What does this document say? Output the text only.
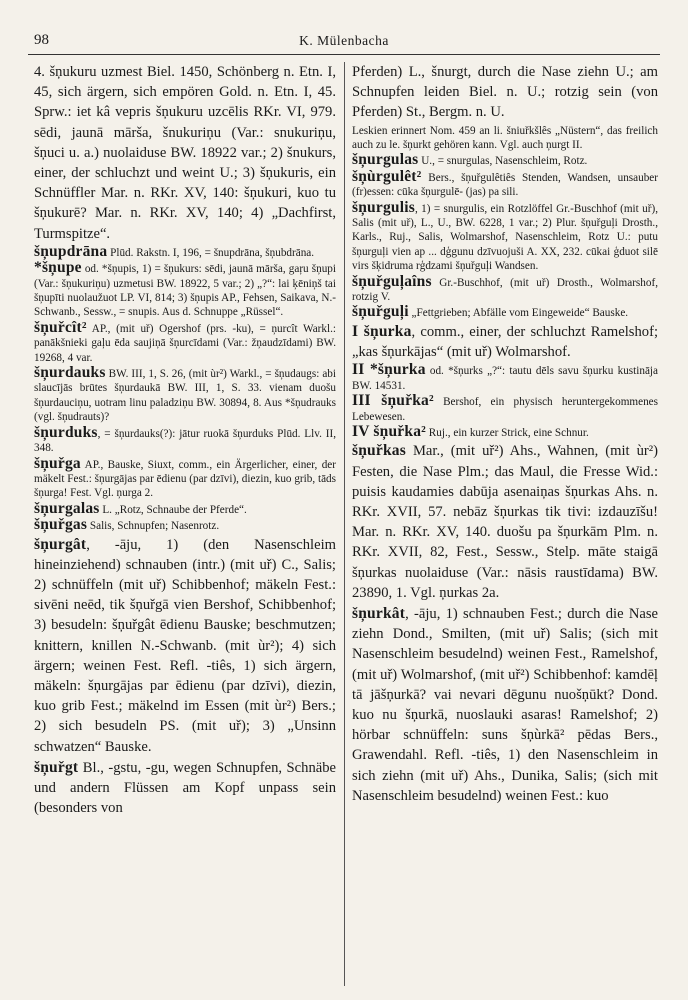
98	K. Mülenbacha
4. šņukuru uzmest Biel. 1450, Schönberg n. Etn. I, 45, sich ärgern, sich empören Gold. n. Etn. I, 45. Sprw.: iet kâ vepris šņukuru uzcēlis RKr. VI, 979. sēdi, jaunā mārša, šnukuriņu (Var.: snukuriņu, šņuci u. a.) nuolaiduse BW. 18922 var.; 2) šnukurs, einer, der schluchzt und weint U.; 3) šņukuris, ein Schnüffler Mar. n. RKr. XV, 140: šņukuri, kuo tu šņukurē? Mar. n. RKr. XV, 140; 4) „Dachfirst, Turmspitze“.
šņupdrāna Plūd. Rakstn. I, 196, = šnupdrāna, šņubdrāna.
*šņupe od. *šņupis, 1) = šņukurs: sēdi, jaunā mārša, gaŗu šņupi (Var.: šņukuriņu) uzmetusi BW. 18922, 5 var.; 2) „?“: lai ķēniņš tai šņupīti nuolaužuot LP. VI, 814; 3) šņupis AP., Fehsen, Saikava, N.-Schwanb., Sessw., = snupis. Aus d. Schnuppe „Rüssel“.
šņuřcît² AP., (mit uř) Ogershof (prs. -ku), = ņurcît Warkl.: panākšnieki gaļu ēda saujiņā šņurcīdami (Var.: žņaudzīdami) BW. 19268, 4 var.
šņurdauks BW. III, 1, S. 26, (mit ùr²) Warkl., = šņudaugs: abi slaucījās brūtes šņurdaukā BW. III, 1, S. 33. vienam duošu šņurdauciņu, uotram linu paladziņu BW. 30894, 8. Aus *šņudrauks (vgl. šņudrauts)?
šņurduks, = šņurdauks(?): jātur ruokā šņurduks Plūd. Llv. II, 348.
šņuřga AP., Bauske, Siuxt, comm., ein Ärgerlicher, einer, der mäkelt Fest.: šņurgājas par ēdienu (par dzīvi), diezin, kuo grib, tāds šņurga! Fest. Vgl. ņurga 2.
šņurgalas L. „Rotz, Schnaube der Pferde“.
šņuřgas Salis, Schnupfen; Nasenrotz.
šņurgât, -āju, 1) (den Nasenschleim hineinziehend) schnauben (intr.) (mit uř) C., Salis; 2) schnüffeln (mit uř) Schibbenhof; mäkeln Fest.: sivēni neēd, tik šņuřgā vien Bershof, Schibbenhof; 3) besudeln: šņuřgât ēdienu Bauske; beschmutzen; knittern, knillen N.-Schwanb. (mit ùr²); 4) sich ärgern; weinen Fest. Refl. -tiês, 1) sich ärgern, mäkeln: šņurgājas par ēdienu (par dzīvi), diezin, kuo grib Fest.; mäkelnd im Essen (mit ùr²) Bers.; 2) sich besudeln PS. (mit uř); 3) „Unsinn schwatzen“ Bauske.
šņuřgt Bl., -gstu, -gu, wegen Schnupfen, Schnäbe und andern Flüssen am Kopf unpass sein (besonders von
Pferden) L., šnurgt, durch die Nase ziehn U.; am Schnupfen leiden Biel. n. U.; rotzig sein (von Pferden) St., Bergm. n. U.
Leskien erinnert Nom. 459 an li. šniuřkšlês „Nüstern“, das freilich auch zu le. šņurkt gehören kann. Vgl. auch ņurgt II.
šņurgulas U., = snurgulas, Nasenschleim, Rotz.
šņùrgulêt² Bers., šņuřgulêtiês Stenden, Wandsen, unsauber (fr)essen: cūka šņurgulē- (jas) pa sili.
šņurgulis, 1) = snurgulis, ein Rotzlöffel Gr.-Buschhof (mit uř), Salis (mit uř), L., U., BW. 6228, 1 var.; 2) Plur. šņuřguļi Drosth., Karls., Ruj., Salis, Wolmarshof, Nasenschleim, Rotz U.: putu šņurguļi vien ap ... dģgunu dzīvuojuši A. XX, 232. cūkai ģduot silē virs šķidruma rģdzami šņuřguļi Wandsen.
šņuřguļaîns Gr.-Buschhof, (mit uř) Drosth., Wolmarshof, rotzig V.
šņuřguļi „Fettgrieben; Abfälle vom Eingeweide“ Bauske.
I šņurka, comm., einer, der schluchzt Ramelshof; „kas šņurkājas“ (mit uř) Wolmarshof.
II *šņurka od. *šņurks „?“: tautu dēls savu šņurku kustināja BW. 14531.
III šņuřka² Bershof, ein physisch heruntergekommenes Lebewesen.
IV šņuřka² Ruj., ein kurzer Strick, eine Schnur.
šņuřkas Mar., (mit uř²) Ahs., Wahnen, (mit ùr²) Festen, die Nase Plm.; das Maul, die Fresse Wid.: puisis kaudamies dabūja asenaiņas šņurkas Ahs. n. RKr. XVII, 57. nebāz šņurkas tik tivi: izdauzīšu! Mar. n. RKr. XV, 140. duošu pa šņurkām Plm. n. RKr. XVII, 82, Fest., Sessw., Stelp. māte staigā šņurkas nuolaiduse (Var.: nāsis raustīdama) BW. 23890, 1. Vgl. ņurkas 2a.
šņurkât, -āju, 1) schnauben Fest.; durch die Nase ziehn Dond., Smilten, (mit uř) Salis; (sich mit Nasenschleim besudelnd) weinen Fest., Ramelshof, (mit uř) Wolmarshof, (mit uř²) Schibbenhof: kamdēļ tā jāšņurkā? vai nevari dēgunu nuošņūkt? Dond. kuo nu šņurkā, nuoslauki asaras! Ramelshof; 2) hörbar schnüffeln: suns šņùrkā² pēdas Bers., Grawendahl. Refl. -tiês, 1) den Nasenschleim in sich ziehn (mit uř) Ahs., Dunika, Salis; (sich mit Nasenschleim besudelnd) weinen Fest.: kuo
